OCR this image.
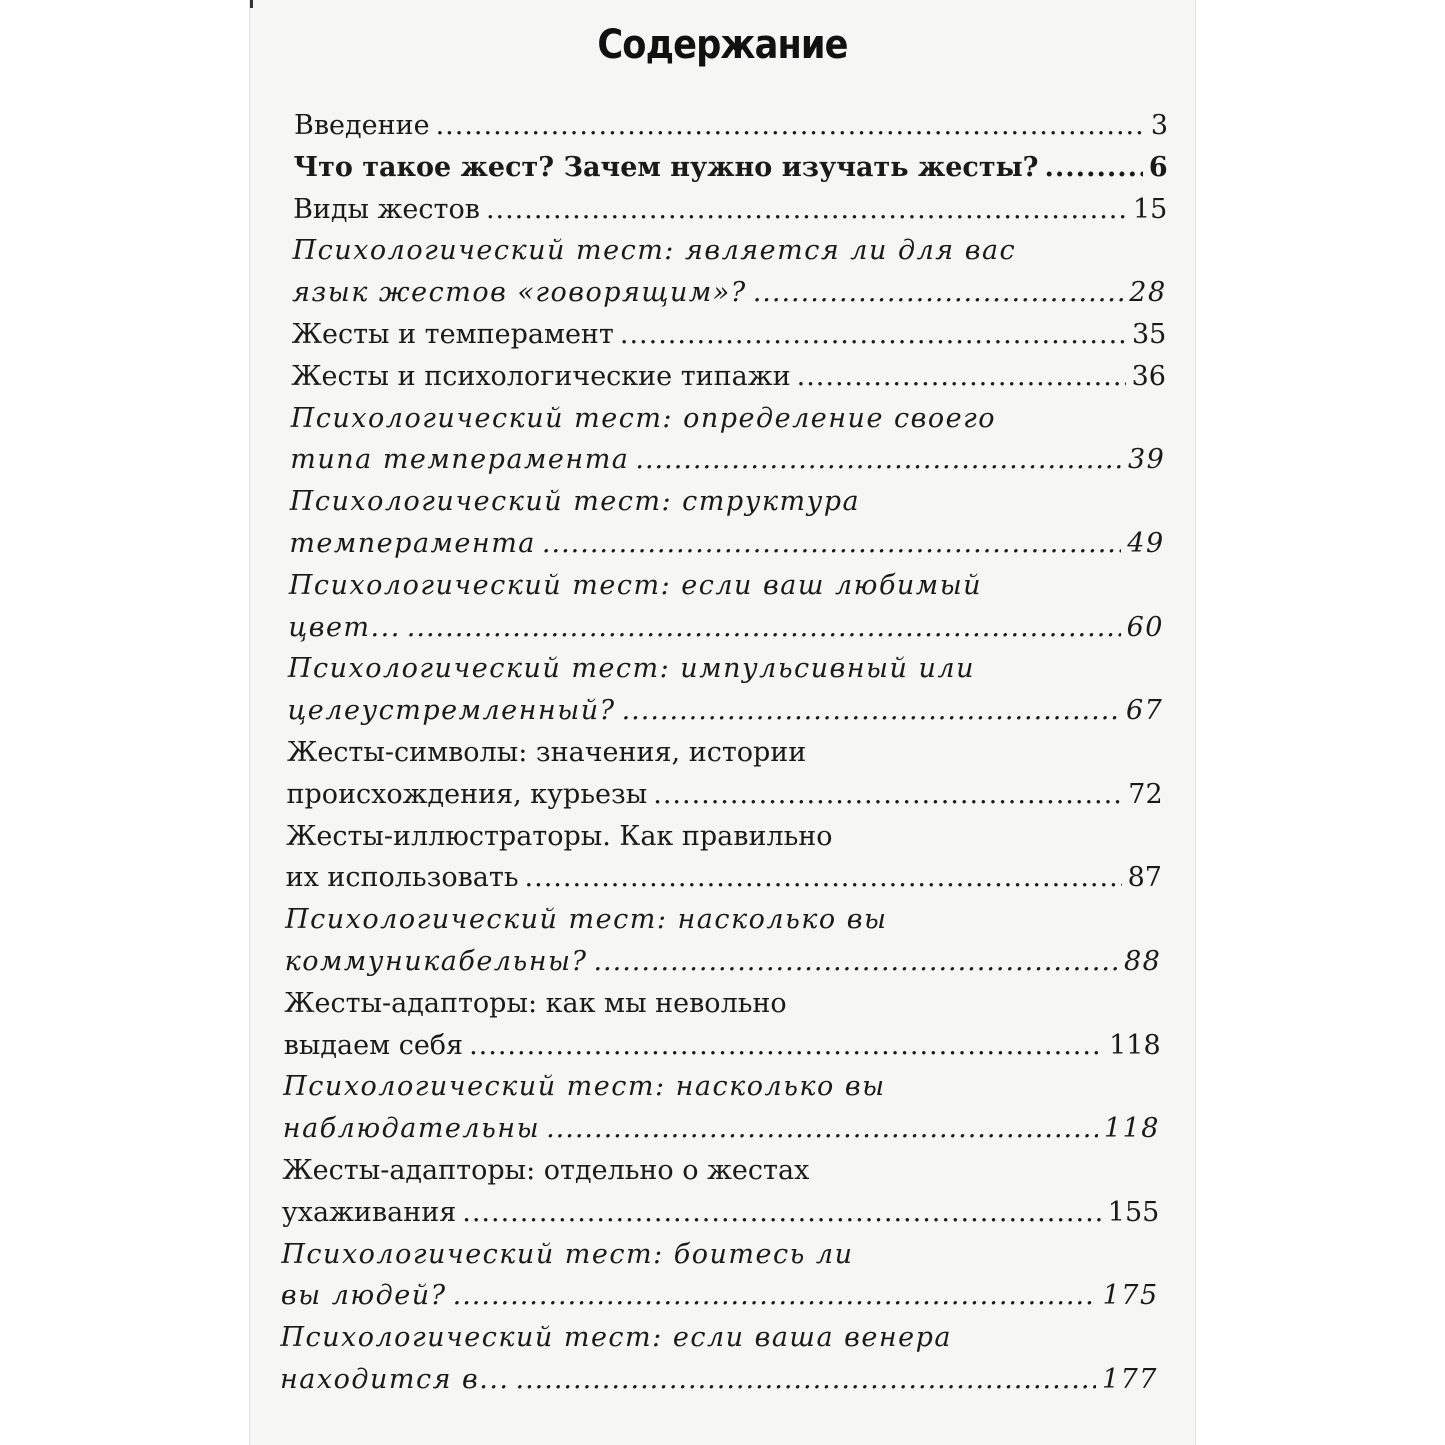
Содержание
Введение .....	3
Что такое жест? Зачем нужно изучать жесты? .....	6
Виды жестов .....	15
Психологический тест: является ли для вас
язык жестов «говорящим»? .....	28
Жесты и темперамент .....	35
Жесты и психологические типажи .....	36
Психологический тест: определение своего
типа темперамента .....	39
Психологический тест: структура
темперамента .....	49
Психологический тест: если ваш любимый
цвет... .....	60
Психологический тест: импульсивный или
целеустремленный? .....	67
Жесты-символы: значения, истории
происхождения, курьезы .....	72
Жесты-иллюстраторы. Как правильно
их использовать .....	87
Психологический тест: насколько вы
коммуникабельны? .....	88
Жесты-адапторы: как мы невольно
выдаем себя .....	118
Психологический тест: насколько вы
наблюдательны .....	118
Жесты-адапторы: отдельно о жестах
ухаживания .....	155
Психологический тест: боитесь ли
вы людей? .....	175
Психологический тест: если ваша венера
находится в... .....	177
